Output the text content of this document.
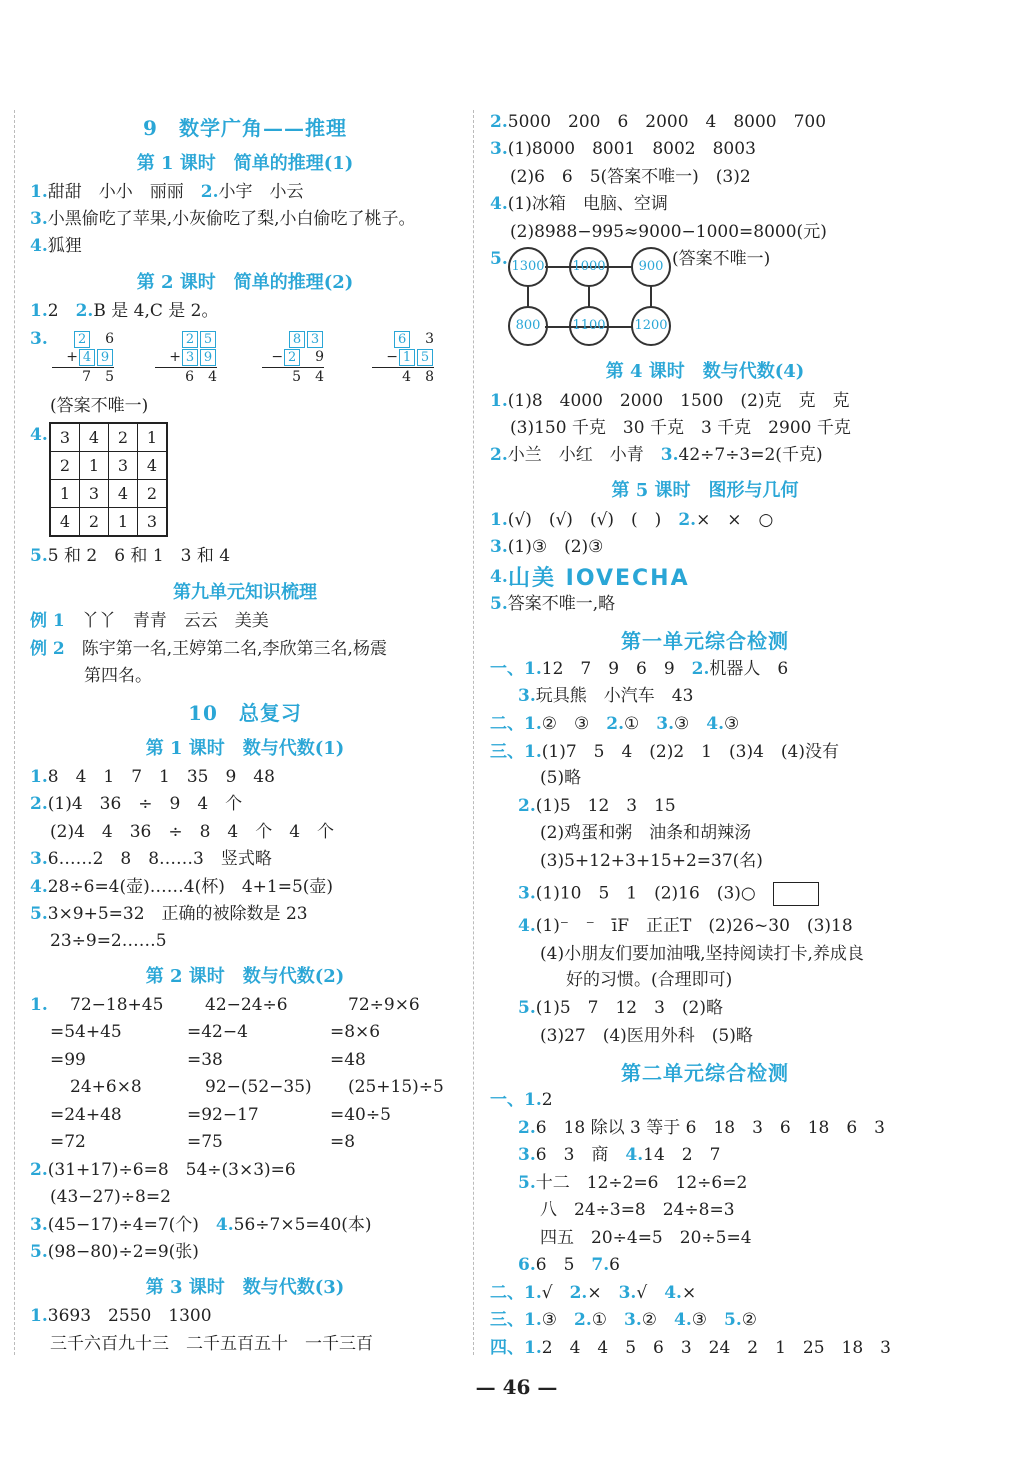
9　数学广角——推理
第 1 课时　简单的推理(1)
1.甜甜　小小　丽丽　 2.小宇　小云
3.小黑偷吃了苹果,小灰偷吃了梨,小白偷吃了桃子。
4.狐狸
第 2 课时　简单的推理(2)
1.2　 2.B 是 4,C 是 2。
3.	2　 6
+ 4 9
7　5
2 5
+ 3 9
6　4
8 3
− 2　 9
5　4
6　 3
− 1 5
4　8
(答案不唯一)
4. 3	4	2	1
2	1	3	4
1	3	4	2
4	2	1	3
5.5 和 2　6 和 1　3 和 4
第九单元知识梳理
例 1　 丫丫　青青　云云　美美
例 2　 陈宇第一名,王婷第二名,李欣第三名,杨震
第四名。
10　总复习
第 1 课时　数与代数(1)
1.8　4　1　7　1　35　9　48
2.(1)4　36　÷　9　4　个
(2)4　4　36　÷　8　4　个　4　个
3.6……2　8　8……3　竖式略
4.28÷6=4(壶)……4(杯)　4+1=5(壶)
5.3×9+5=32　正确的被除数是 23
23÷9=2……5
第 2 课时　数与代数(2)
1. 72−18+45 42−24÷6	72÷9×6
=54+45	=42−4	=8×6
=99	=38	=48
24+6×8	92−(52−35) (25+15)÷5
=24+48	=92−17	=40÷5
=72	=75	=8
2.(31+17)÷6=8　54÷(3×3)=6
(43−27)÷8=2
3.(45−17)÷4=7(个)　 4.56÷7×5=40(本)
5.(98−80)÷2=9(张)
第 3 课时　数与代数(3)
1.3693　2550　1300
三千六百九十三　二千五百五十　一千三百
2.5000　200　6　2000　4　8000　700
3.(1)8000　8001　8002　8003
(2)6　6　5(答案不唯一)　(3)2
4.(1)冰箱　电脑、空调
(2)8988−995≈9000−1000=8000(元)
5. 1300 1000	900
800	1100 1200
(答案不唯一)
第 4 课时　数与代数(4)
1.(1)8　4000　2000　1500　(2)克　克　克
(3)150 千克　30 千克　3 千克　2900 千克
2.小兰　小红　小青　 3.42÷7÷3=2(千克)
第 5 课时　图形与几何
1.(√)　(√)　(√)　(　)　 2.×　×　○
3.(1)③　(2)③
4. 山美 IOVECHA
5.答案不唯一,略
第一单元综合检测
一、1.12　7　9　6　9　 2.机器人　6
3.玩具熊　小汽车　43
二、1.②　③　 2.①　 3.③　 4.③
三、1.(1)7　5　4　(2)2　1　(3)4　(4)没有
(5)略
2.(1)5　12　3　15
(2)鸡蛋和粥　油条和胡辣汤
(3)5+12+3+15+2=37(名)
3.(1)10　5　1　(2)16　(3)○　
4.(1)⁻　⁻　īF　正正T　(2)26~30　(3)18
(4)小朋友们要加油哦,坚持阅读打卡,养成良
好的习惯。(合理即可)
5.(1)5　7　12　3　(2)略
(3)27　(4)医用外科　(5)略
第二单元综合检测
一、1.2
2.6　18 除以 3 等于 6　18　3　6　18　6　3
3.6　3　商　 4.14　2　7
5.十二　12÷2=6　12÷6=2
八　24÷3=8　24÷8=3
四五　20÷4=5　20÷5=4
6.6　5　 7.6
二、1.√　 2.×　 3.√　 4.×
三、1.③　 2.①　 3.②　 4.③　 5.②
四、1.2　4　4　5　6　3　24　2　1　25　18　3
— 46 —
